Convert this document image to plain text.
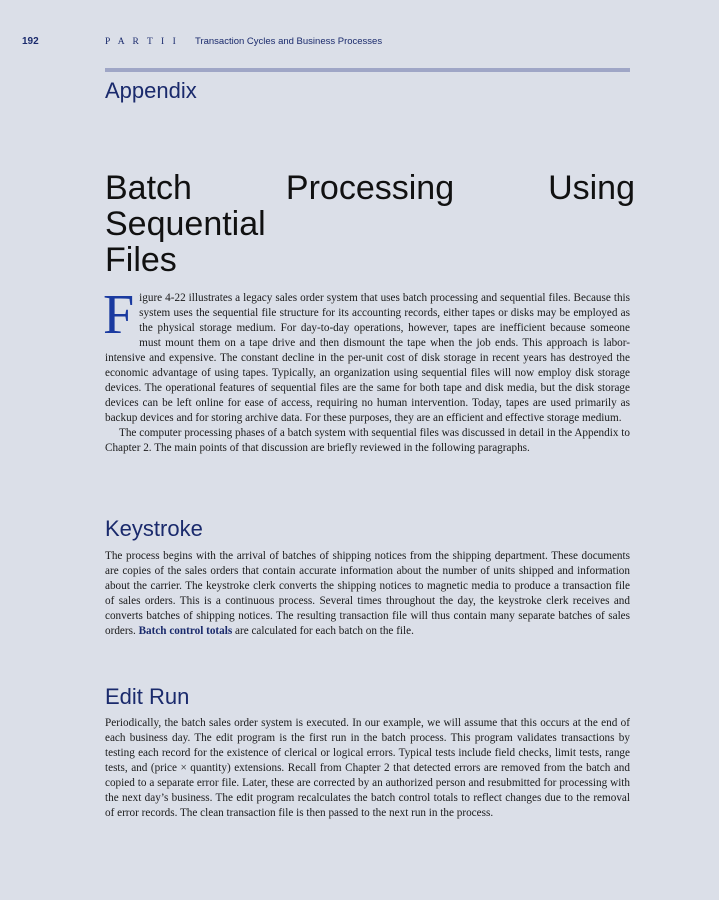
192	P A R T I I Transaction Cycles and Business Processes
Appendix
Batch Processing Using Sequential
Files
Figure 4-22 illustrates a legacy sales order system that uses batch processing and sequential files. Because this system uses the sequential file structure for its accounting records, either tapes or disks may be employed as the physical storage medium. For day-to-day operations, however, tapes are inefficient because someone must mount them on a tape drive and then dismount the tape when the job ends. This approach is labor-intensive and expensive. The constant decline in the per-unit cost of disk storage in recent years has destroyed the economic advantage of using tapes. Typically, an organization using sequential files will now employ disk storage devices. The operational features of sequential files are the same for both tape and disk media, but the disk storage devices can be left online for ease of access, requiring no human intervention. Today, tapes are used primarily as backup devices and for storing archive data. For these purposes, they are an efficient and effective storage medium.
The computer processing phases of a batch system with sequential files was discussed in detail in the Appendix to Chapter 2. The main points of that discussion are briefly reviewed in the following paragraphs.
Keystroke

The process begins with the arrival of batches of shipping notices from the shipping department. These documents are copies of the sales orders that contain accurate information about the number of units shipped and information about the carrier. The keystroke clerk converts the shipping notices to magnetic media to produce a transaction file of sales orders. This is a continuous process. Several times throughout the day, the keystroke clerk receives and converts batches of shipping notices. The resulting transaction file will thus contain many separate batches of sales orders. Batch control totals are calculated for each batch on the file.

Edit Run

Periodically, the batch sales order system is executed. In our example, we will assume that this occurs at the end of each business day. The edit program is the first run in the batch process. This program validates transactions by testing each record for the existence of clerical or logical errors. Typical tests include field checks, limit tests, range tests, and (price × quantity) extensions. Recall from Chapter 2 that detected errors are removed from the batch and copied to a separate error file. Later, these are corrected by an authorized person and resubmitted for processing with the next day’s business. The edit program recalculates the batch control totals to reflect changes due to the removal of error records. The clean transaction file is then passed to the next run in the process.
